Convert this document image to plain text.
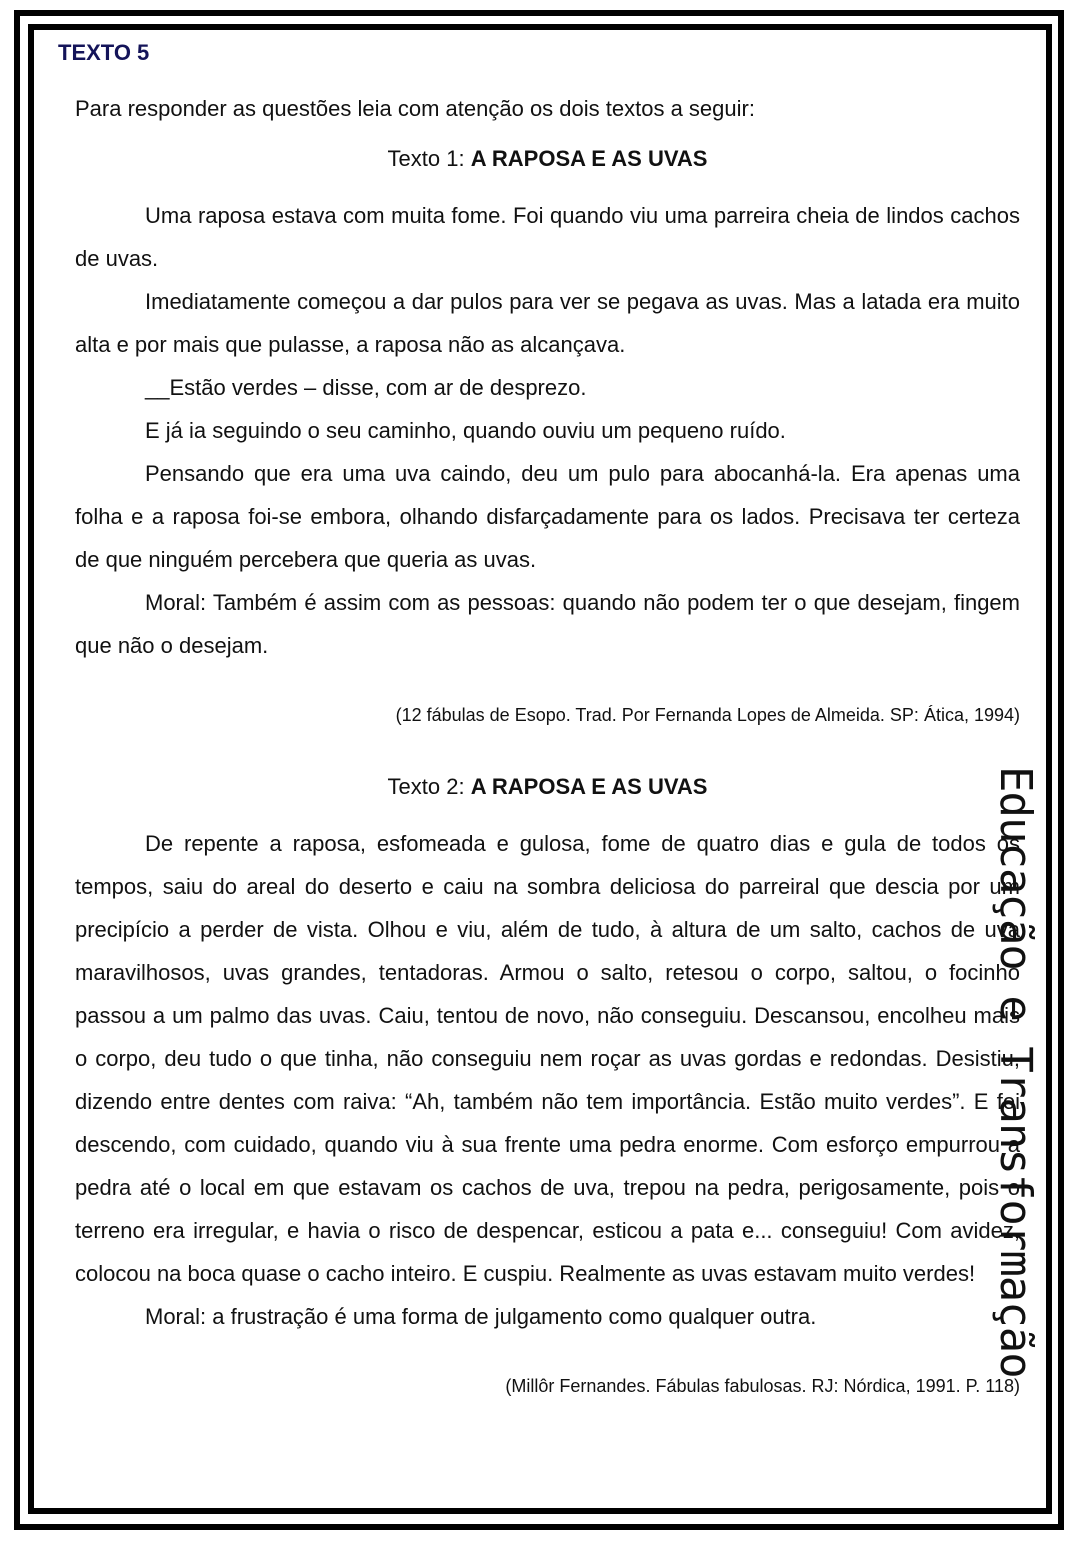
Educação e Transformação
TEXTO 5
Para responder as questões leia com atenção os dois textos a seguir:
Texto 1: A RAPOSA E AS UVAS

Uma raposa estava com muita fome. Foi quando viu uma parreira cheia de lindos cachos de uvas.

Imediatamente começou a dar pulos para ver se pegava as uvas. Mas a latada era muito alta e por mais que pulasse, a raposa não as alcançava.

__Estão verdes – disse, com ar de desprezo.

E já ia seguindo o seu caminho, quando ouviu um pequeno ruído.

Pensando que era uma uva caindo, deu um pulo para abocanhá-la. Era apenas uma folha e a raposa foi-se embora, olhando disfarçadamente para os lados. Precisava ter certeza de que ninguém percebera que queria as uvas.

Moral: Também é assim com as pessoas: quando não podem ter o que desejam, fingem que não o desejam.

(12 fábulas de Esopo. Trad. Por Fernanda Lopes de Almeida. SP: Ática, 1994)
Texto 2: A RAPOSA E AS UVAS

De repente a raposa, esfomeada e gulosa, fome de quatro dias e gula de todos os tempos, saiu do areal do deserto e caiu na sombra deliciosa do parreiral que descia por um precipício a perder de vista. Olhou e viu, além de tudo, à altura de um salto, cachos de uva maravilhosos, uvas grandes, tentadoras. Armou o salto, retesou o corpo, saltou, o focinho passou a um palmo das uvas. Caiu, tentou de novo, não conseguiu. Descansou, encolheu mais o corpo, deu tudo o que tinha, não conseguiu nem roçar as uvas gordas e redondas. Desistiu, dizendo entre dentes com raiva: “Ah, também não tem importância. Estão muito verdes”. E foi descendo, com cuidado, quando viu à sua frente uma pedra enorme. Com esforço empurrou a pedra até o local em que estavam os cachos de uva, trepou na pedra, perigosamente, pois o terreno era irregular, e havia o risco de despencar, esticou a pata e... conseguiu! Com avidez, colocou na boca quase o cacho inteiro. E cuspiu. Realmente as uvas estavam muito verdes!

Moral: a frustração é uma forma de julgamento como qualquer outra.

(Millôr Fernandes. Fábulas fabulosas. RJ: Nórdica, 1991. P. 118)
